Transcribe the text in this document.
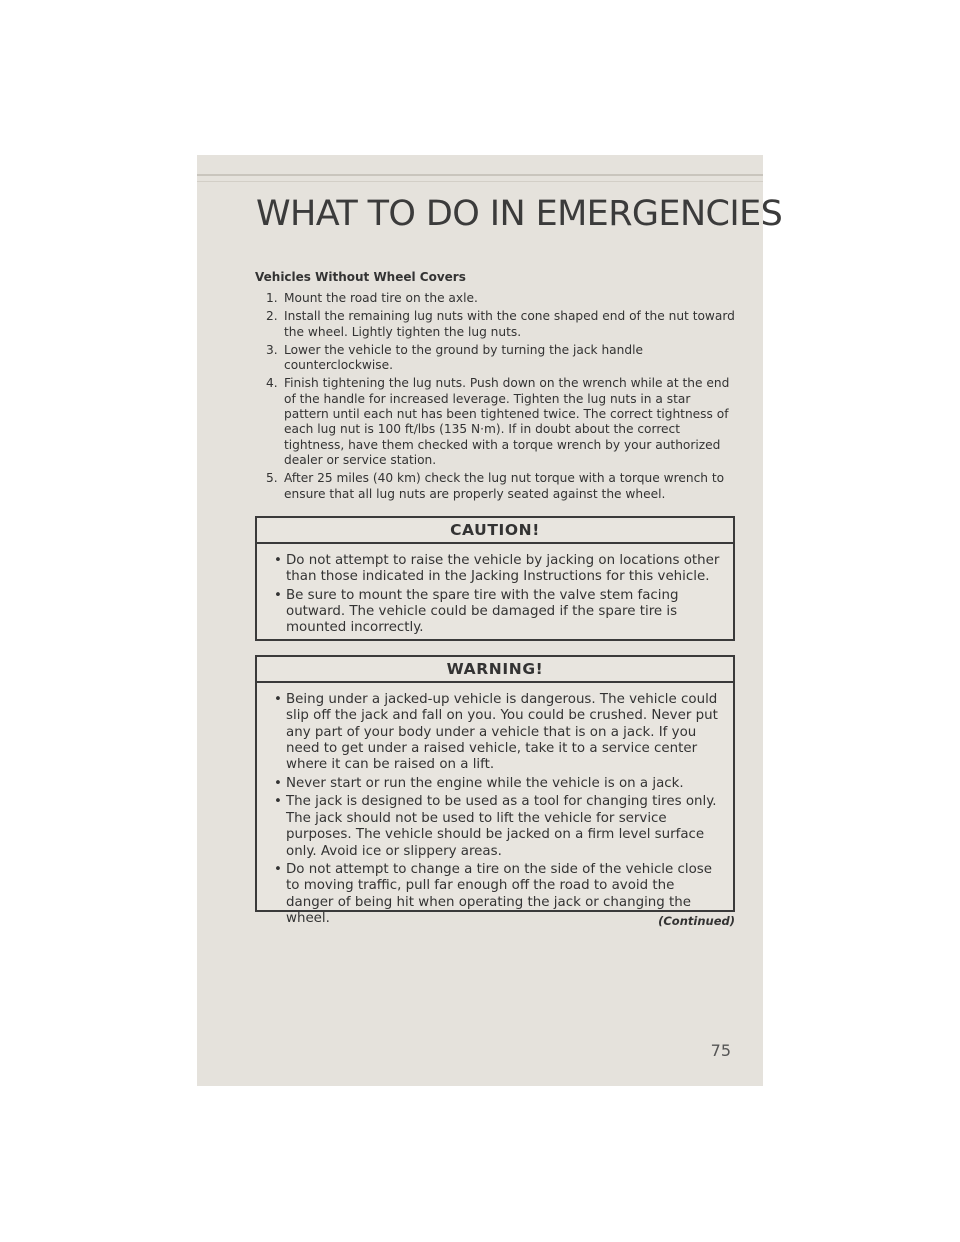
WHAT TO DO IN EMERGENCIES
Vehicles Without Wheel Covers
1. Mount the road tire on the axle.
2. Install the remaining lug nuts with the cone shaped end of the nut toward the wheel. Lightly tighten the lug nuts.
3. Lower the vehicle to the ground by turning the jack handle counterclockwise.
4. Finish tightening the lug nuts. Push down on the wrench while at the end of the handle for increased leverage. Tighten the lug nuts in a star pattern until each nut has been tightened twice. The correct tightness of each lug nut is 100 ft/lbs (135 N·m). If in doubt about the correct tightness, have them checked with a torque wrench by your authorized dealer or service station.
5. After 25 miles (40 km) check the lug nut torque with a torque wrench to ensure that all lug nuts are properly seated against the wheel.
CAUTION!
• Do not attempt to raise the vehicle by jacking on locations other than those indicated in the Jacking Instructions for this vehicle.
• Be sure to mount the spare tire with the valve stem facing outward. The vehicle could be damaged if the spare tire is mounted incorrectly.
WARNING!
• Being under a jacked-up vehicle is dangerous. The vehicle could slip off the jack and fall on you. You could be crushed. Never put any part of your body under a vehicle that is on a jack. If you need to get under a raised vehicle, take it to a service center where it can be raised on a lift.
• Never start or run the engine while the vehicle is on a jack.
• The jack is designed to be used as a tool for changing tires only. The jack should not be used to lift the vehicle for service purposes. The vehicle should be jacked on a firm level surface only. Avoid ice or slippery areas.
• Do not attempt to change a tire on the side of the vehicle close to moving traffic, pull far enough off the road to avoid the danger of being hit when operating the jack or changing the wheel.	(Continued)
75
